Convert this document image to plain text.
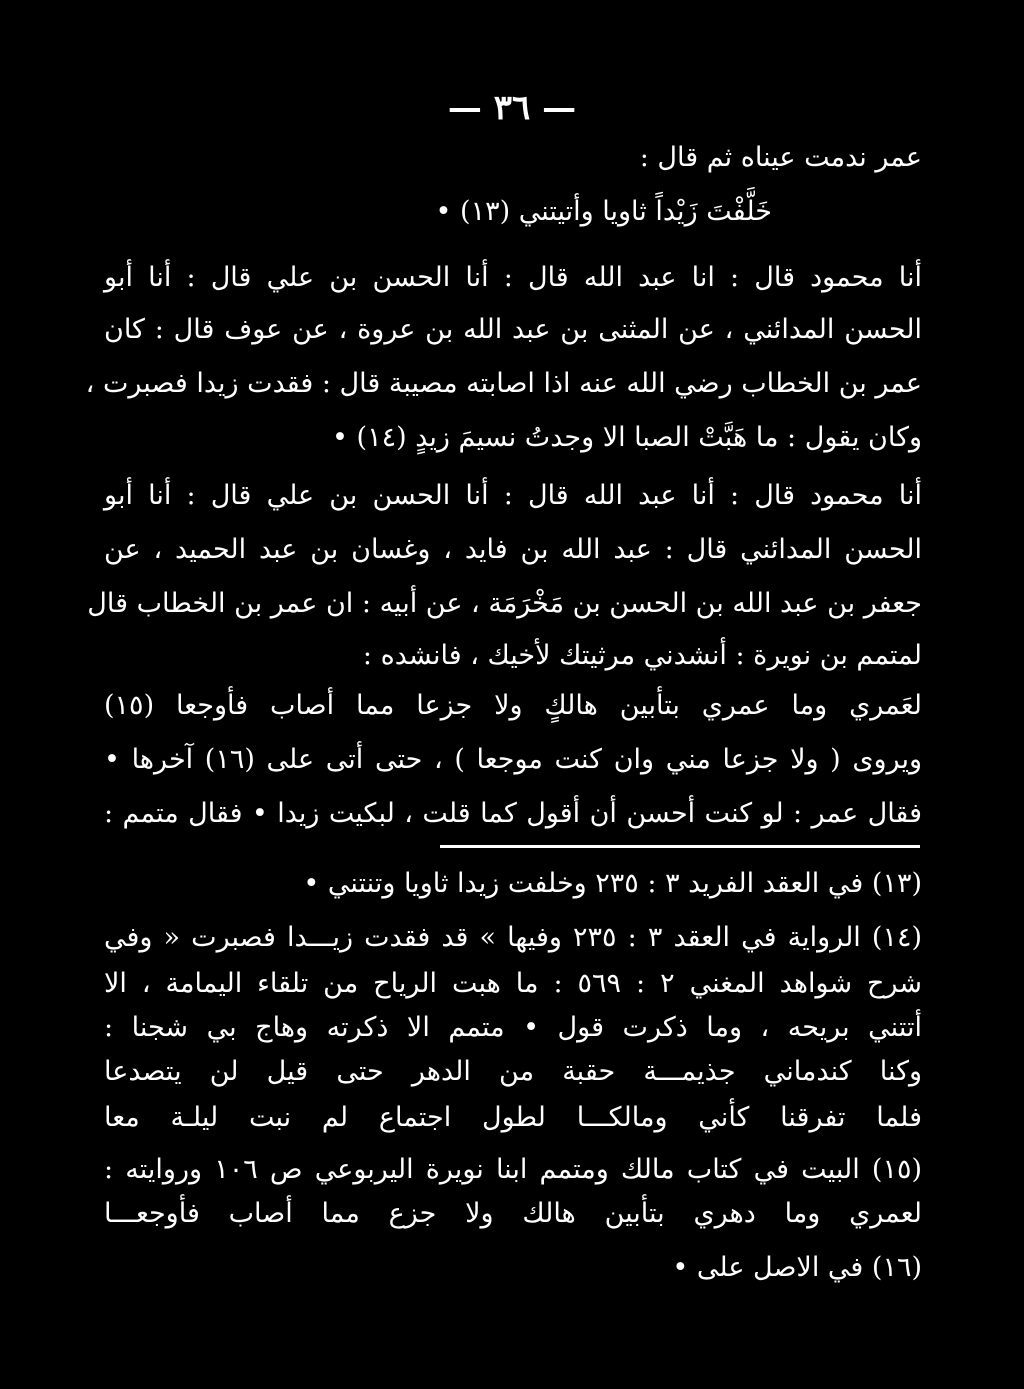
— ٣٦ —
عمر ندمت عيناه ثم قال :
خَلَّفْتَ زَيْداً ثاويا وأتيتني (١٣) •
أنا محمود قال : انا عبد الله قال : أنا الحسن بن علي قال : أنا أبو
الحسن المدائني ، عن المثنى بن عبد الله بن عروة ، عن عوف قال : كان
عمر بن الخطاب رضي الله عنه اذا اصابته مصيبة قال : فقدت زيدا فصبرت ،
وكان يقول : ما هَبَّتْ الصبا الا وجدتُ نسيمَ زيدٍ (١٤) •
أنا محمود قال : أنا عبد الله قال : أنا الحسن بن علي قال : أنا أبو
الحسن المدائني قال : عبد الله بن فايد ، وغسان بن عبد الحميد ، عن
جعفر بن عبد الله بن الحسن بن مَخْرَمَة ، عن أبيه : ان عمر بن الخطاب قال
لمتمم بن نويرة : أنشدني مرثيتك لأخيك ، فانشده :
لعَمري وما عمري بتأبين هالكٍ ولا جزعا مما أصاب فأوجعا (١٥)
ويروى ( ولا جزعا مني وان كنت موجعا ) ، حتى أتى على (١٦) آخرها •
فقال عمر : لو كنت أحسن أن أقول كما قلت ، لبكيت زيدا • فقال متمم :
(١٣) في العقد الفريد ٣ : ٢٣٥ وخلفت زيدا ثاويا وتنتني •
(١٤) الرواية في العقد ٣ : ٢٣٥ وفيها » قد فقدت زيـــدا فصبرت « وفي
شرح شواهد المغني ٢ : ٥٦٩ : ما هبت الرياح من تلقاء اليمامة ، الا
أتتني بريحه ، وما ذكرت قول • متمم الا ذكرته وهاج بي شجنا :
وكنا كندماني جذيمـــة حقبة من الدهر حتى قيل لن يتصدعا
فلما تفرقنا كأني ومالكـــا لطول اجتماع لم نبت ليلـة معا
(١٥) البيت في كتاب مالك ومتمم ابنا نويرة اليربوعي ص ١٠٦ وروايته :
لعمري وما دهري بتأبين هالك ولا جزع مما أصاب فأوجعـــا
(١٦) في الاصل على •
